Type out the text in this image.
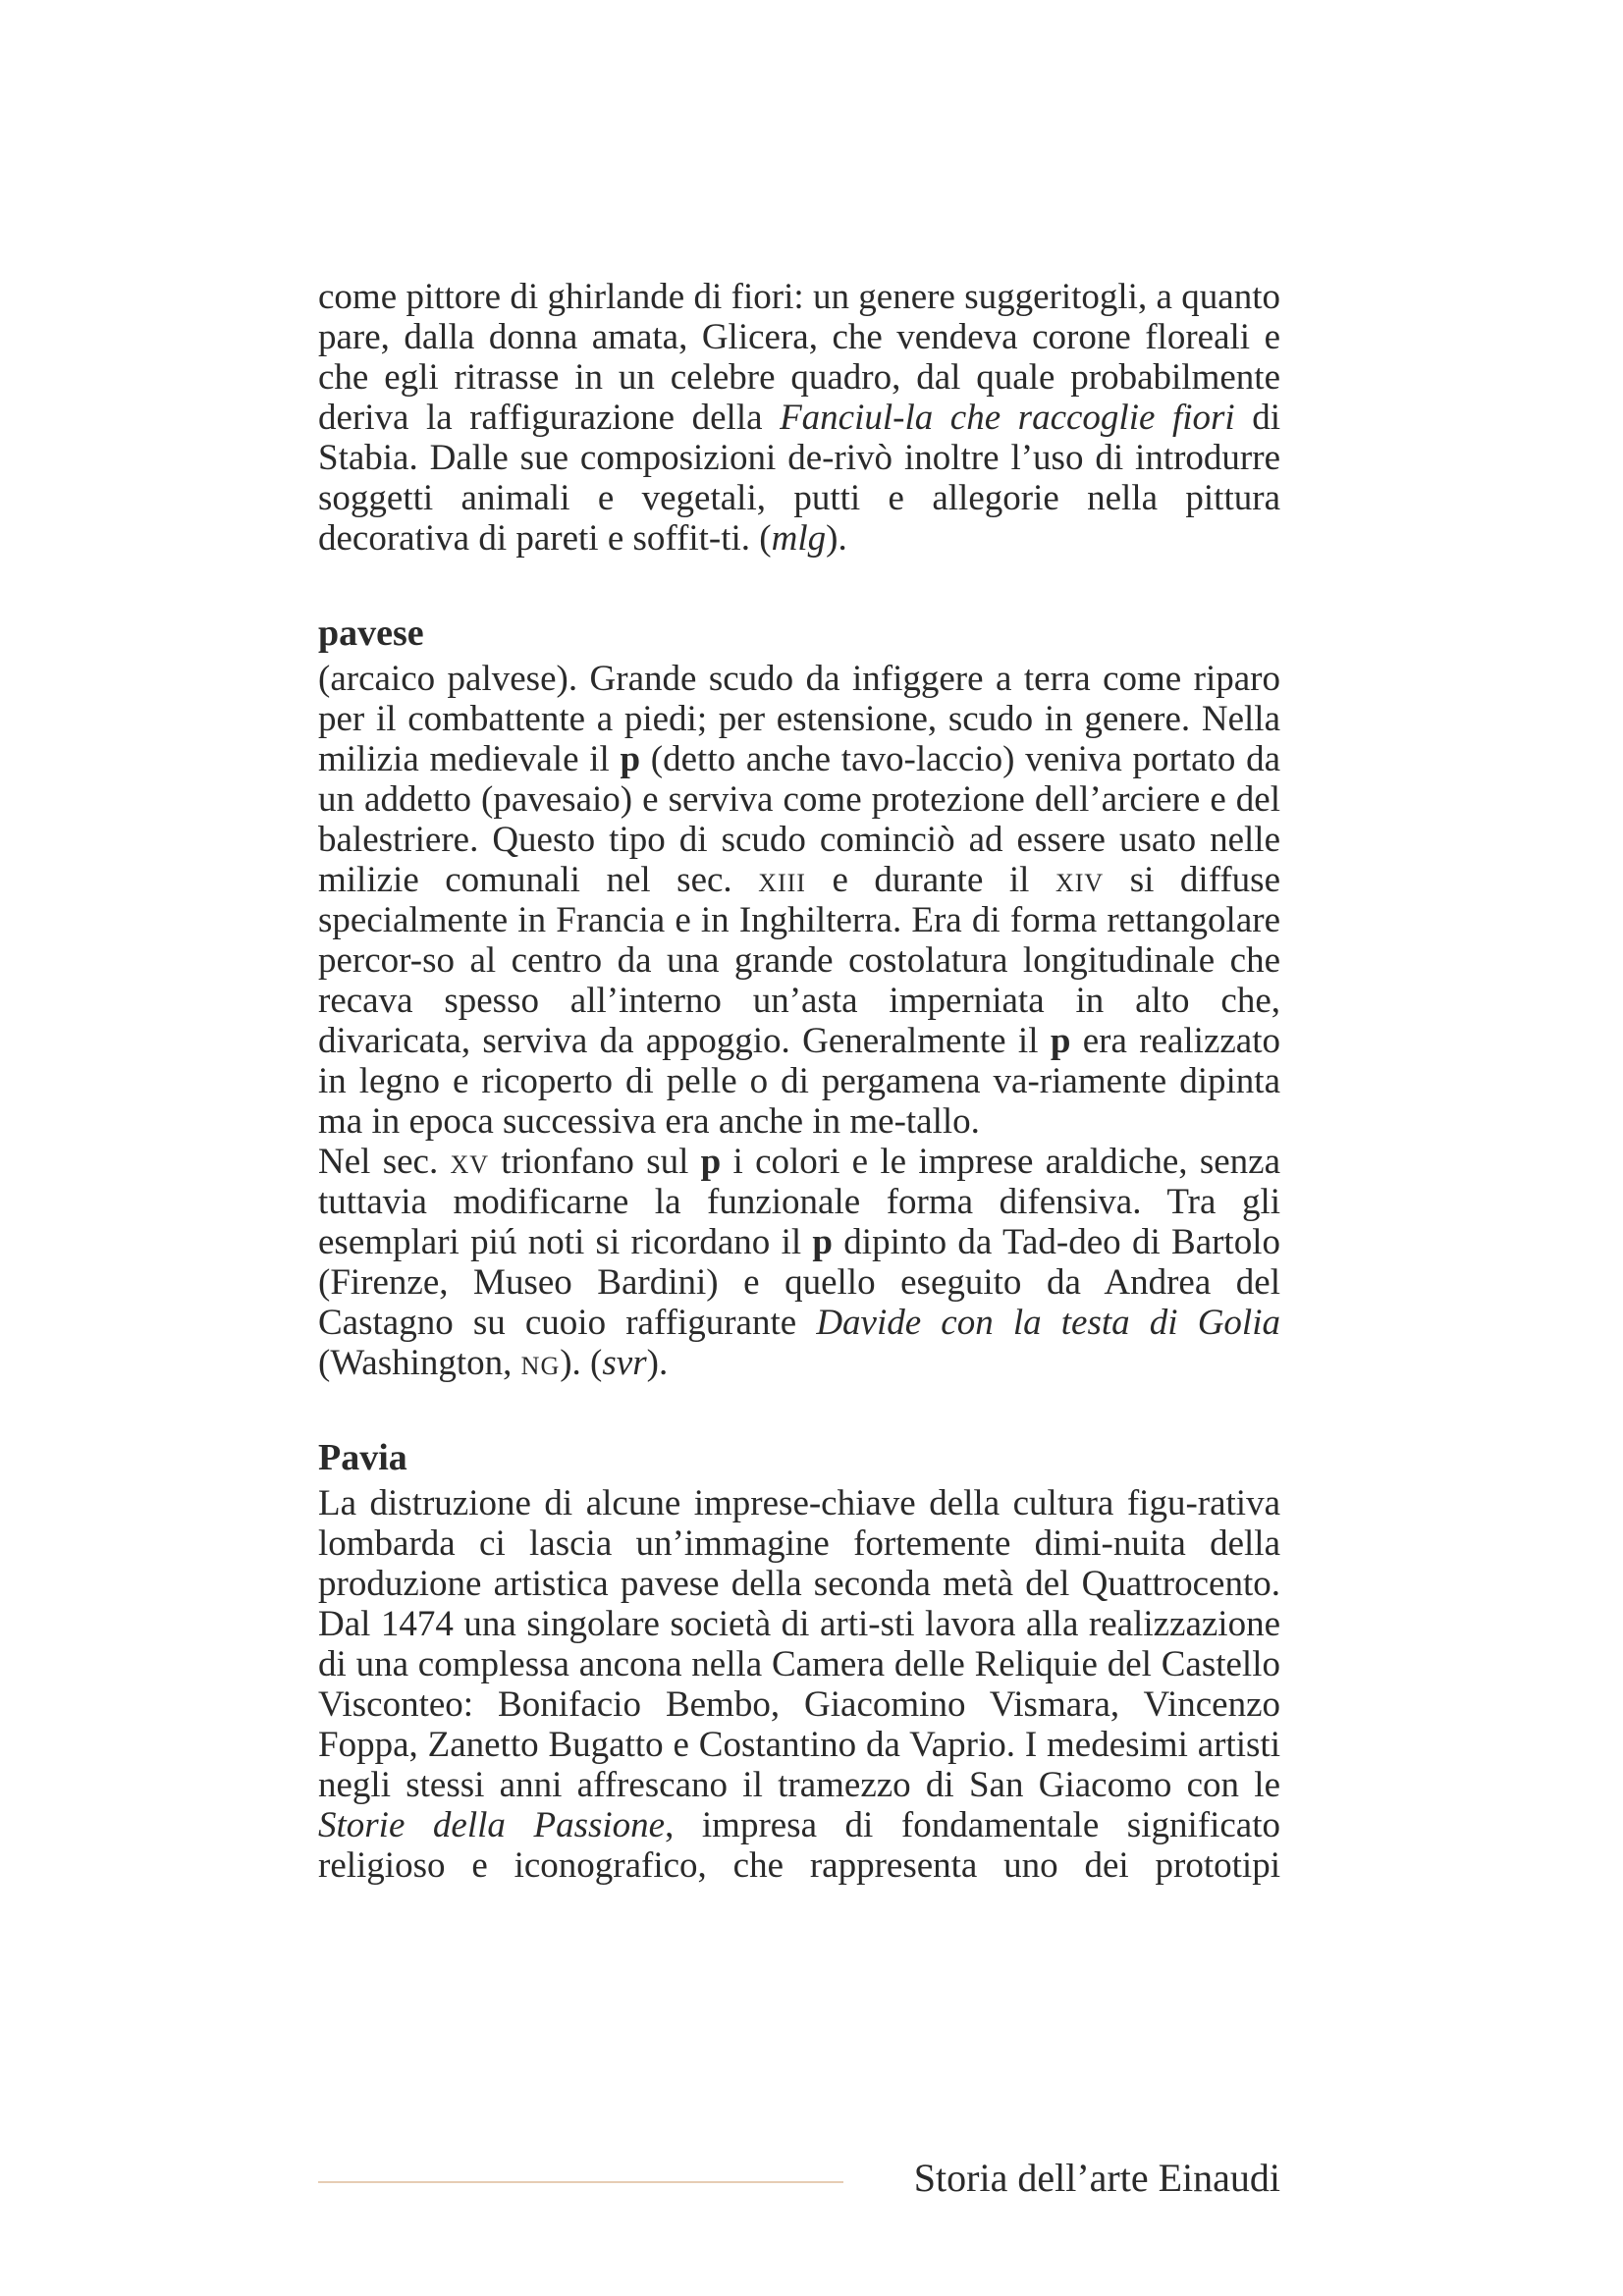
come pittore di ghirlande di fiori: un genere suggeritogli, a quanto pare, dalla donna amata, Glicera, che vendeva corone floreali e che egli ritrasse in un celebre quadro, dal quale probabilmente deriva la raffigurazione della Fanciul-la che raccoglie fiori di Stabia. Dalle sue composizioni de-rivò inoltre l’uso di introdurre soggetti animali e vegetali, putti e allegorie nella pittura decorativa di pareti e soffit-ti. (mlg).

pavese

(arcaico palvese). Grande scudo da infiggere a terra come riparo per il combattente a piedi; per estensione, scudo in genere. Nella milizia medievale il p (detto anche tavo-laccio) veniva portato da un addetto (pavesaio) e serviva come protezione dell’arciere e del balestriere. Questo tipo di scudo cominciò ad essere usato nelle milizie comunali nel sec. xiii e durante il xiv si diffuse specialmente in Francia e in Inghilterra. Era di forma rettangolare percor-so al centro da una grande costolatura longitudinale che recava spesso all’interno un’asta imperniata in alto che, divaricata, serviva da appoggio. Generalmente il p era realizzato in legno e ricoperto di pelle o di pergamena va-riamente dipinta ma in epoca successiva era anche in me-tallo.

Nel sec. xv trionfano sul p i colori e le imprese araldiche, senza tuttavia modificarne la funzionale forma difensiva. Tra gli esemplari piú noti si ricordano il p dipinto da Tad-deo di Bartolo (Firenze, Museo Bardini) e quello eseguito da Andrea del Castagno su cuoio raffigurante Davide con la testa di Golia (Washington, ng). (svr).

Pavia

La distruzione di alcune imprese-chiave della cultura figu-rativa lombarda ci lascia un’immagine fortemente dimi-nuita della produzione artistica pavese della seconda metà del Quattrocento. Dal 1474 una singolare società di arti-sti lavora alla realizzazione di una complessa ancona nella Camera delle Reliquie del Castello Visconteo: Bonifacio Bembo, Giacomino Vismara, Vincenzo Foppa, Zanetto Bugatto e Costantino da Vaprio. I medesimi artisti negli stessi anni affrescano il tramezzo di San Giacomo con le Storie della Passione, impresa di fondamentale significato religioso e iconografico, che rappresenta uno dei prototipi

Storia dell’arte Einaudi
